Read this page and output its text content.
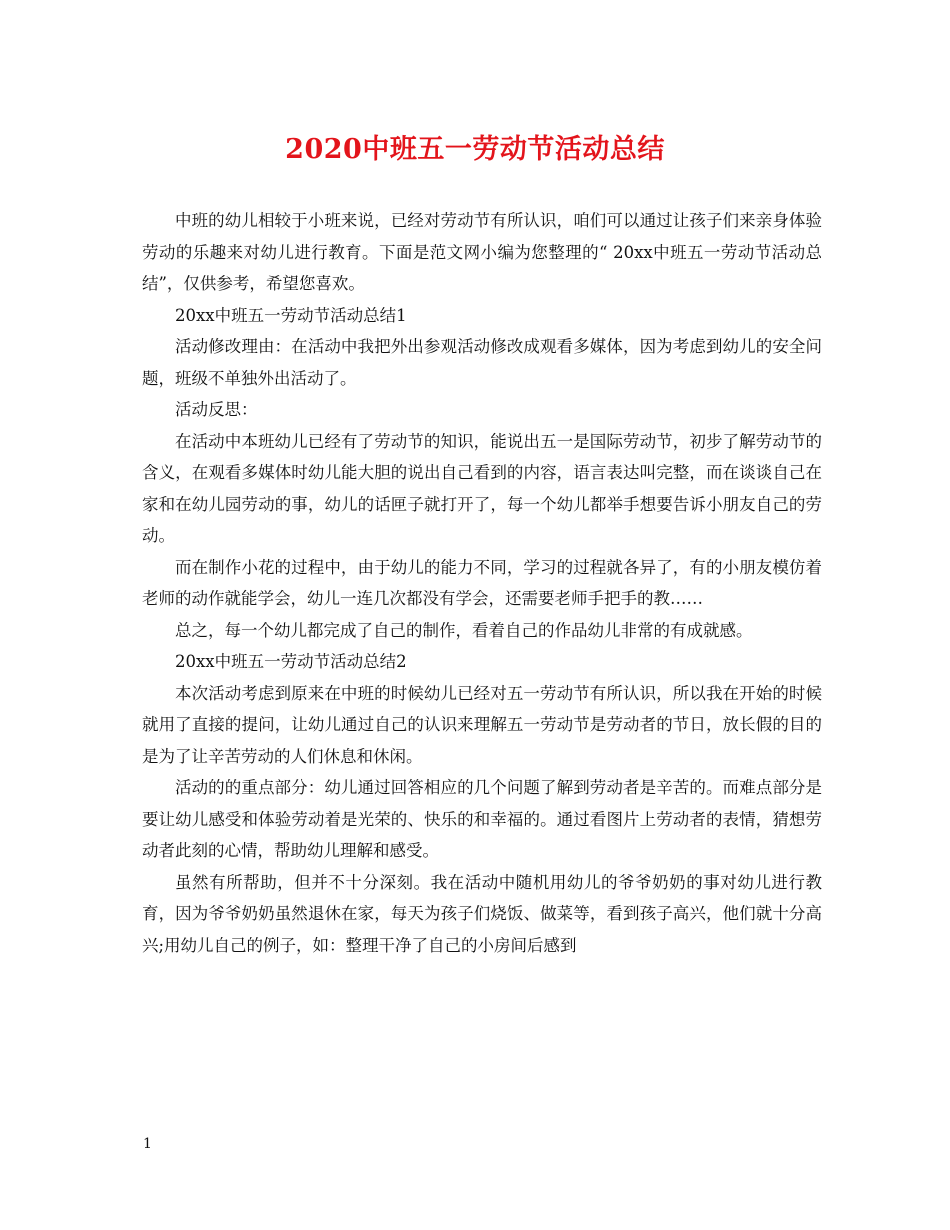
2020中班五一劳动节活动总结

中班的幼儿相较于小班来说，已经对劳动节有所认识，咱们可以通过让孩子们来亲身体验劳动的乐趣来对幼儿进行教育。下面是范文网小编为您整理的“ 20xx中班五一劳动节活动总结”，仅供参考，希望您喜欢。

20xx中班五一劳动节活动总结1

活动修改理由：在活动中我把外出参观活动修改成观看多媒体，因为考虑到幼儿的安全问题，班级不单独外出活动了。

活动反思：

在活动中本班幼儿已经有了劳动节的知识，能说出五一是国际劳动节，初步了解劳动节的含义，在观看多媒体时幼儿能大胆的说出自己看到的内容，语言表达叫完整，而在谈谈自己在家和在幼儿园劳动的事，幼儿的话匣子就打开了，每一个幼儿都举手想要告诉小朋友自己的劳动。

而在制作小花的过程中，由于幼儿的能力不同，学习的过程就各异了，有的小朋友模仿着老师的动作就能学会，幼儿一连几次都没有学会，还需要老师手把手的教……

总之，每一个幼儿都完成了自己的制作，看着自己的作品幼儿非常的有成就感。

20xx中班五一劳动节活动总结2

本次活动考虑到原来在中班的时候幼儿已经对五一劳动节有所认识，所以我在开始的时候就用了直接的提问，让幼儿通过自己的认识来理解五一劳动节是劳动者的节日，放长假的目的是为了让辛苦劳动的人们休息和休闲。

活动的的重点部分：幼儿通过回答相应的几个问题了解到劳动者是辛苦的。而难点部分是要让幼儿感受和体验劳动着是光荣的、快乐的和幸福的。通过看图片上劳动者的表情，猜想劳动者此刻的心情，帮助幼儿理解和感受。

虽然有所帮助，但并不十分深刻。我在活动中随机用幼儿的爷爷奶奶的事对幼儿进行教育，因为爷爷奶奶虽然退休在家，每天为孩子们烧饭、做菜等，看到孩子高兴，他们就十分高兴;用幼儿自己的例子，如：整理干净了自己的小房间后感到

1
